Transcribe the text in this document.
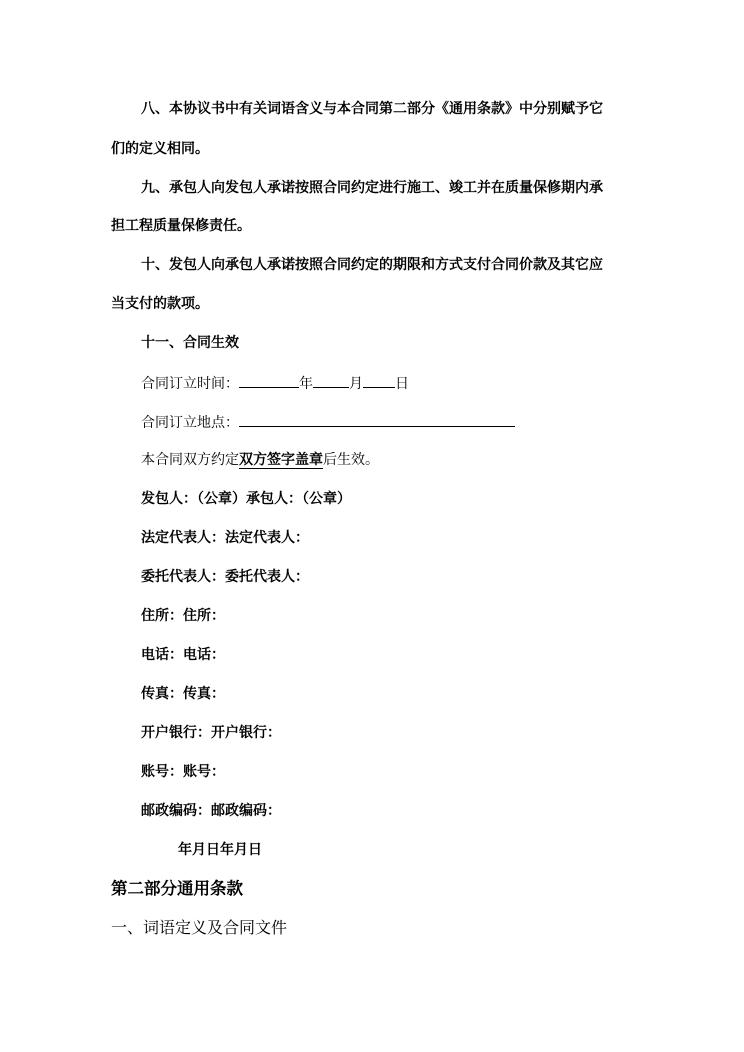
八、本协议书中有关词语含义与本合同第二部分《通用条款》中分别赋予它
们的定义相同。
九、承包人向发包人承诺按照合同约定进行施工、竣工并在质量保修期内承
担工程质量保修责任。
十、发包人向承包人承诺按照合同约定的期限和方式支付合同价款及其它应
当支付的款项。
十一、合同生效
合同订立时间：	年	月 日
合同订立地点：
本合同双方约定双方签字盖章后生效。
发包人：（公章）承包人：（公章）
法定代表人：法定代表人：
委托代表人：委托代表人：
住所：住所：
电话：电话：
传真：传真：
开户银行：开户银行：
账号：账号：
邮政编码：邮政编码：
年月日年月日
第二部分通用条款
一、词语定义及合同文件
